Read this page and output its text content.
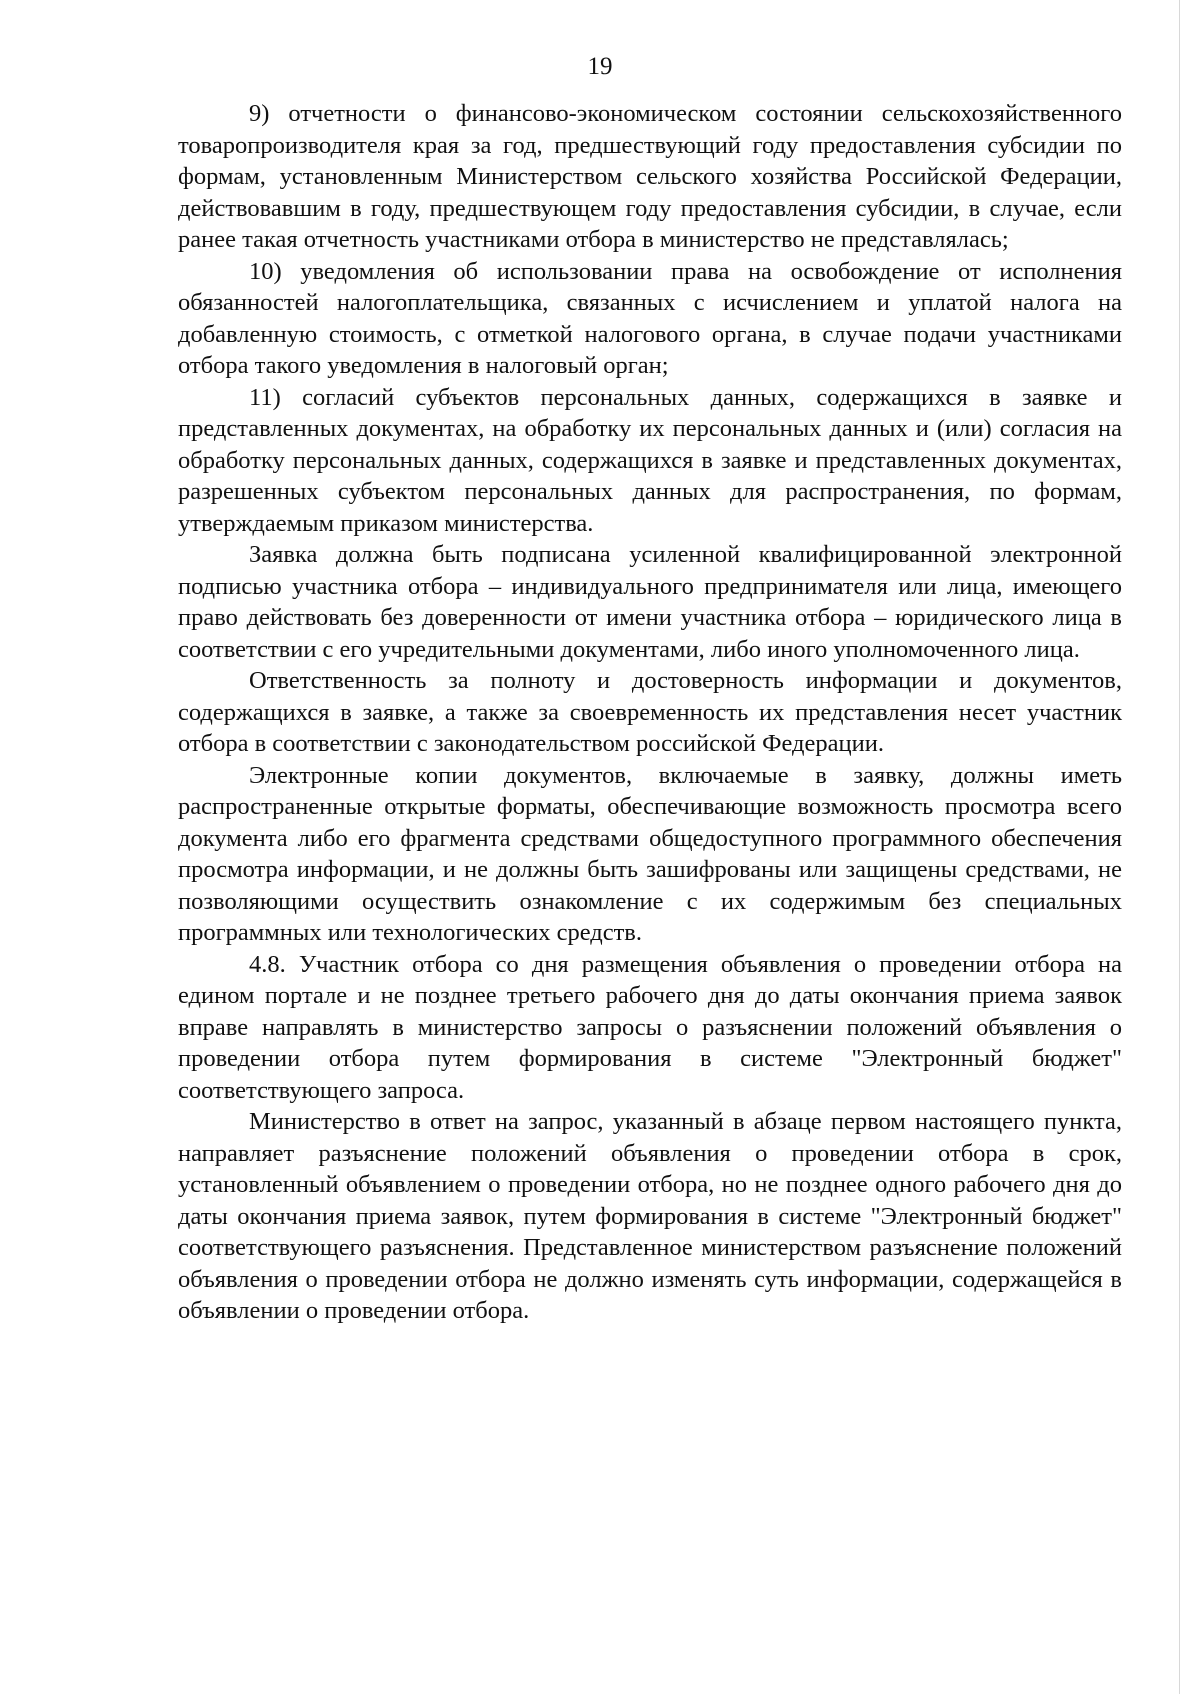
19

9) отчетности о финансово-экономическом состоянии сельскохозяйственного товаропроизводителя края за год, предшествующий году предоставления субсидии по формам, установленным Министерством сельского хозяйства Российской Федерации, действовавшим в году, предшествующем году предоставления субсидии, в случае, если ранее такая отчетность участниками отбора в министерство не представлялась;

10) уведомления об использовании права на освобождение от исполнения обязанностей налогоплательщика, связанных с исчислением и уплатой налога на добавленную стоимость, с отметкой налогового органа, в случае подачи участниками отбора такого уведомления в налоговый орган;

11) согласий субъектов персональных данных, содержащихся в заявке и представленных документах, на обработку их персональных данных и (или) согласия на обработку персональных данных, содержащихся в заявке и представленных документах, разрешенных субъектом персональных данных для распространения, по формам, утверждаемым приказом министерства.

Заявка должна быть подписана усиленной квалифицированной электронной подписью участника отбора – индивидуального предпринимателя или лица, имеющего право действовать без доверенности от имени участника отбора – юридического лица в соответствии с его учредительными документами, либо иного уполномоченного лица.

Ответственность за полноту и достоверность информации и документов, содержащихся в заявке, а также за своевременность их представления несет участник отбора в соответствии с законодательством российской Федерации.

Электронные копии документов, включаемые в заявку, должны иметь распространенные открытые форматы, обеспечивающие возможность просмотра всего документа либо его фрагмента средствами общедоступного программного обеспечения просмотра информации, и не должны быть зашифрованы или защищены средствами, не позволяющими осуществить ознакомление с их содержимым без специальных программных или технологических средств.

4.8. Участник отбора со дня размещения объявления о проведении отбора на едином портале и не позднее третьего рабочего дня до даты окончания приема заявок вправе направлять в министерство запросы о разъяснении положений объявления о проведении отбора путем формирования в системе "Электронный бюджет" соответствующего запроса.

Министерство в ответ на запрос, указанный в абзаце первом настоящего пункта, направляет разъяснение положений объявления о проведении отбора в срок, установленный объявлением о проведении отбора, но не позднее одного рабочего дня до даты окончания приема заявок, путем формирования в системе "Электронный бюджет" соответствующего разъяснения. Представленное министерством разъяснение положений объявления о проведении отбора не должно изменять суть информации, содержащейся в объявлении о проведении отбора.
